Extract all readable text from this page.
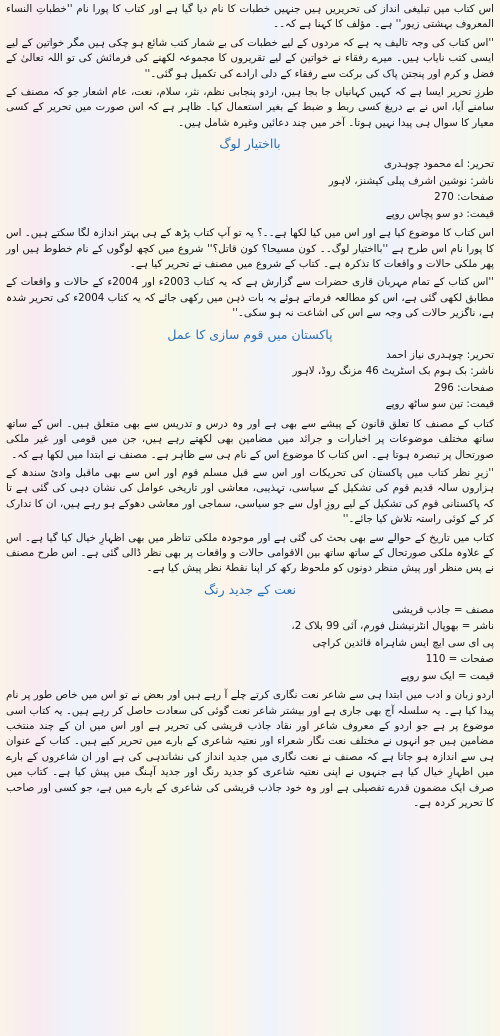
اس کتاب میں تبلیغی انداز کی تحریریں ہیں جنہیں خطبات کا نام دیا گیا ہے اور کتاب کا پورا نام ''خطباتِ النساء المعروف بہشتی زیور'' ہے۔ مؤلف کا کہنا ہے کہ۔۔

''اس کتاب کی وجہ تالیف یہ ہے کہ مردوں کے لیے خطبات کی بے شمار کتب شائع ہو چکی ہیں مگر خواتین کے لیے ایسی کتب نایاب ہیں۔ میرے رفقاء نے خواتین کے لیے تقریروں کا مجموعہ لکھنے کی فرمائش کی تو اللہ تعالیٰ کے فضل و کرم اور پنجتن پاک کی برکت سے رفقاء کے دلی ارادے کی تکمیل ہو گئی۔''

طرزِ تحریر ایسا ہے کہ کہیں کہانیاں جا بجا ہیں، اردو پنجابی نظم، نثر، سلام، نعت، عام اشعار جو کہ مصنف کے سامنے آیا، اس نے بے دریغ کسی ربط و ضبط کے بغیر استعمال کیا۔ ظاہر ہے کہ اس صورت میں تحریر کے کسی معیار کا سوال ہی پیدا نہیں ہوتا۔ آخر میں چند دعائیں وغیرہ شامل ہیں۔

بااختیار لوگ
تحریر: اے محمود چوہدری
ناشر: نوشین اشرف پبلی کیشنز، لاہور
صفحات: 270
قیمت: دو سو پچاس روپے

اس کتاب کا موضوع کیا ہے اور اس میں کیا لکھا ہے۔۔؟ یہ تو آپ کتاب پڑھ کے ہی بہتر اندازہ لگا سکتے ہیں۔ اس کا پورا نام اس طرح ہے ''بااختیار لوگ۔۔ کون مسیحا؟ کون قاتل؟'' شروع میں کچھ لوگوں کے نام خطوط ہیں اور پھر ملکی حالات و واقعات کا تذکرہ ہے۔ کتاب کے شروع میں مصنف نے تحریر کیا ہے۔

''اس کتاب کے تمام مہربان قاری حضرات سے گزارش ہے کہ یہ کتاب 2003ء اور 2004ء کے حالات و واقعات کے مطابق لکھی گئی ہے، اس کو مطالعہ فرماتے ہوئے یہ بات ذہن میں رکھی جائے کہ یہ کتاب 2004ء کی تحریر شدہ ہے، ناگزیر حالات کی وجہ سے اس کی اشاعت نہ ہو سکی۔''

پاکستان میں قوم سازی کا عمل
تحریر: چوہدری نیاز احمد
ناشر: بک ہوم بک اسٹریٹ 46 مزنگ روڈ، لاہور
صفحات: 296
قیمت: تین سو ساٹھ روپے

کتاب کے مصنف کا تعلق قانون کے پیشے سے بھی ہے اور وہ درس و تدریس سے بھی متعلق ہیں۔ اس کے ساتھ ساتھ مختلف موضوعات پر اخبارات و جرائد میں مضامین بھی لکھتے رہے ہیں، جن میں قومی اور غیر ملکی صورتحال پر تبصرہ ہوتا ہے۔ اس کتاب کا موضوع اس کے نام ہی سے ظاہر ہے۔ مصنف نے ابتدا میں لکھا ہے کہ۔

''زیرِ نظر کتاب میں پاکستان کی تحریکات اور اس سے قبل مسلم قوم اور اس سے بھی ماقبل وادیٔ سندھ کے ہزاروں سالہ قدیم قوم کی تشکیل کے سیاسی، تہذیبی، معاشی اور تاریخی عوامل کی نشان دہی کی گئی ہے تا کہ پاکستانی قوم کی تشکیل کے لیے روزِ اول سے جو سیاسی، سماجی اور معاشی دھوکے ہو رہے ہیں، ان کا تدارک کر کے کوئی راستہ تلاش کیا جائے۔''

کتاب میں تاریخ کے حوالے سے بھی بحث کی گئی ہے اور موجودہ ملکی تناظر میں بھی اظہارِ خیال کیا گیا ہے۔ اس کے علاوہ ملکی صورتحال کے ساتھ ساتھ بین الاقوامی حالات و واقعات پر بھی نظر ڈالی گئی ہے۔ اس طرح مصنف نے پس منظر اور پیش منظر دونوں کو ملحوظ رکھ کر اپنا نقطۂ نظر پیش کیا ہے۔

نعت کے جدید رنگ
مصنف = جاذب قریشی
ناشر = بھوپال انٹرنیشنل فورم، آئی 99 بلاک 2،
پی ای سی ایچ ایس شاہراہ قائدین کراچی
صفحات = 110
قیمت = ایک سو روپے

اردو زبان و ادب میں ابتدا ہی سے شاعر نعت نگاری کرتے چلے آ رہے ہیں اور بعض نے تو اس میں خاص طور پر نام پیدا کیا ہے۔ یہ سلسلہ آج بھی جاری ہے اور بیشتر شاعر نعت گوئی کی سعادت حاصل کر رہے ہیں۔ یہ کتاب اسی موضوع پر ہے جو اردو کے معروف شاعر اور نقاد جاذب قریشی کی تحریر ہے اور اس میں ان کے چند منتخب مضامین ہیں جو انہوں نے مختلف نعت نگار شعراء اور نعتیہ شاعری کے بارے میں تحریر کیے ہیں۔ کتاب کے عنوان ہی سے اندازہ ہو جاتا ہے کہ مصنف نے نعت نگاری میں جدید انداز کی نشاندہی کی ہے اور ان شاعروں کے بارے میں اظہارِ خیال کیا ہے جنہوں نے اپنی نعتیہ شاعری کو جدید رنگ اور جدید آہنگ میں پیش کیا ہے۔ کتاب میں صرف ایک مضمون قدرے تفصیلی ہے اور وہ خود جاذب قریشی کی شاعری کے بارے میں ہے، جو کسی اور صاحب کا تحریر کردہ ہے۔
